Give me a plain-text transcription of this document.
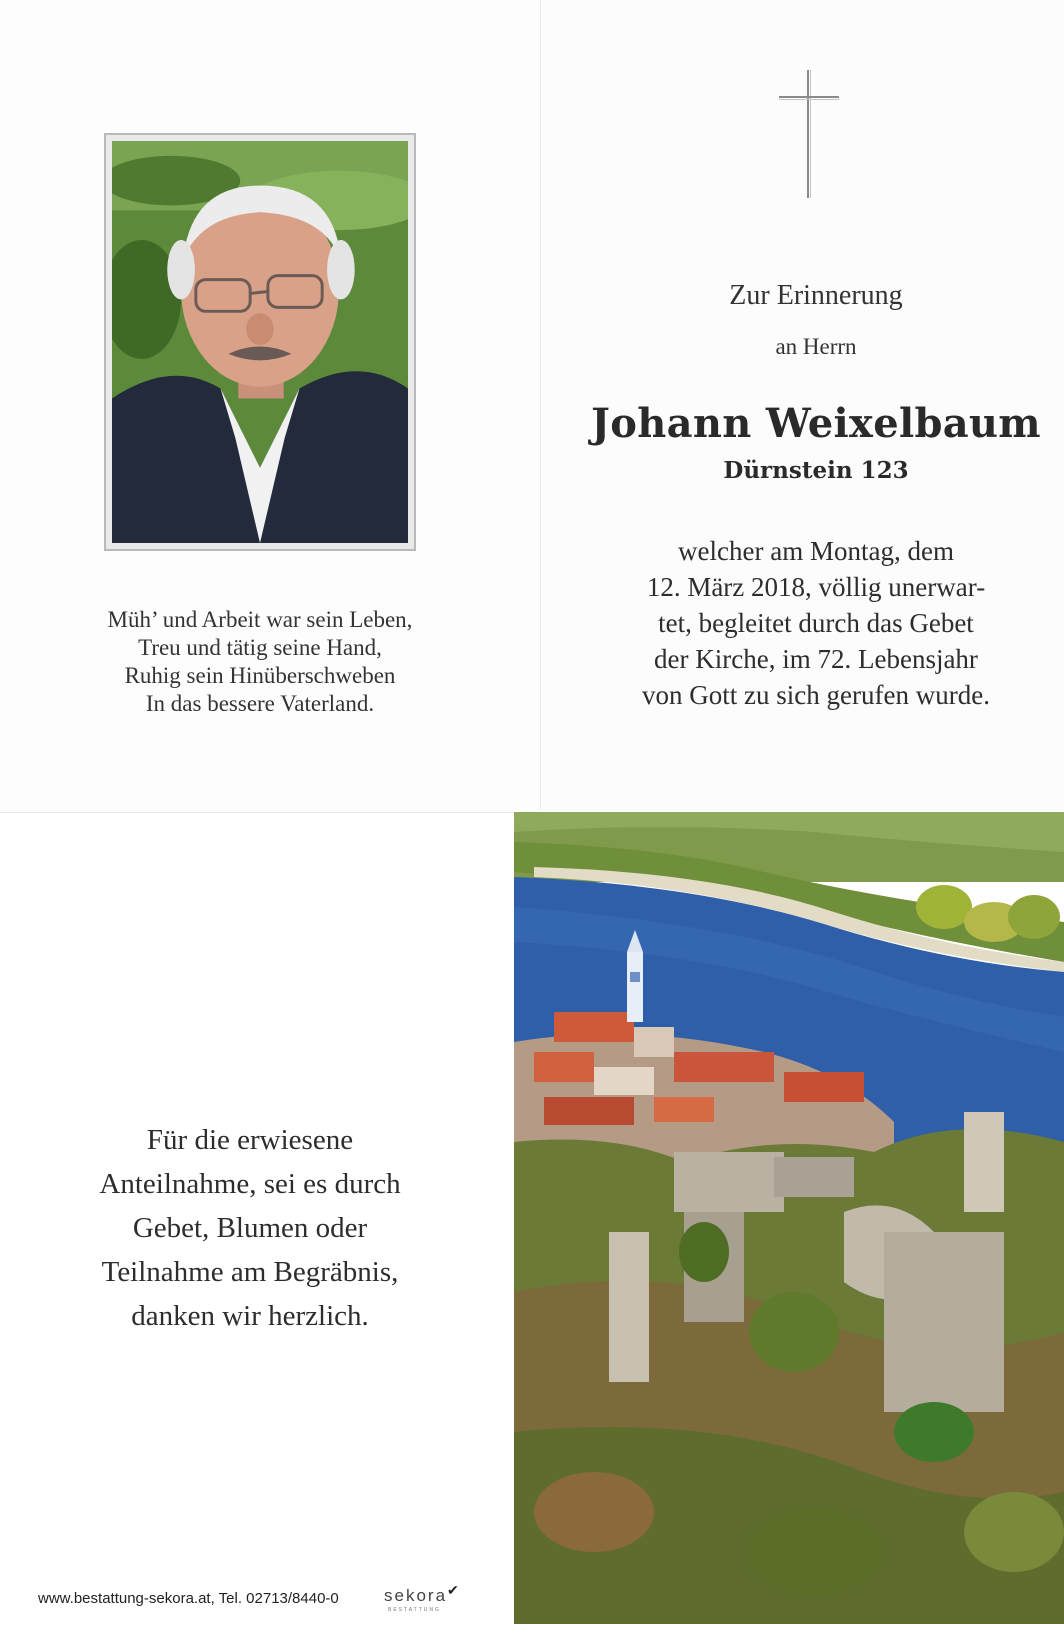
Müh’ und Arbeit war sein Leben,
Treu und tätig seine Hand,
Ruhig sein Hinüberschweben
In das bessere Vaterland.
Zur Erinnerung
an Herrn
Johann Weixelbaum
Dürnstein 123
welcher am Montag, dem
12. März 2018, völlig unerwar-
tet, begleitet durch das Gebet
der Kirche, im 72. Lebensjahr
von Gott zu sich gerufen wurde.
Für die erwiesene
Anteilnahme, sei es durch
Gebet, Blumen oder
Teilnahme am Begräbnis,
danken wir herzlich.
www.bestattung-sekora.at, Tel. 02713/8440-0	sekora✔
BESTATTUNG
